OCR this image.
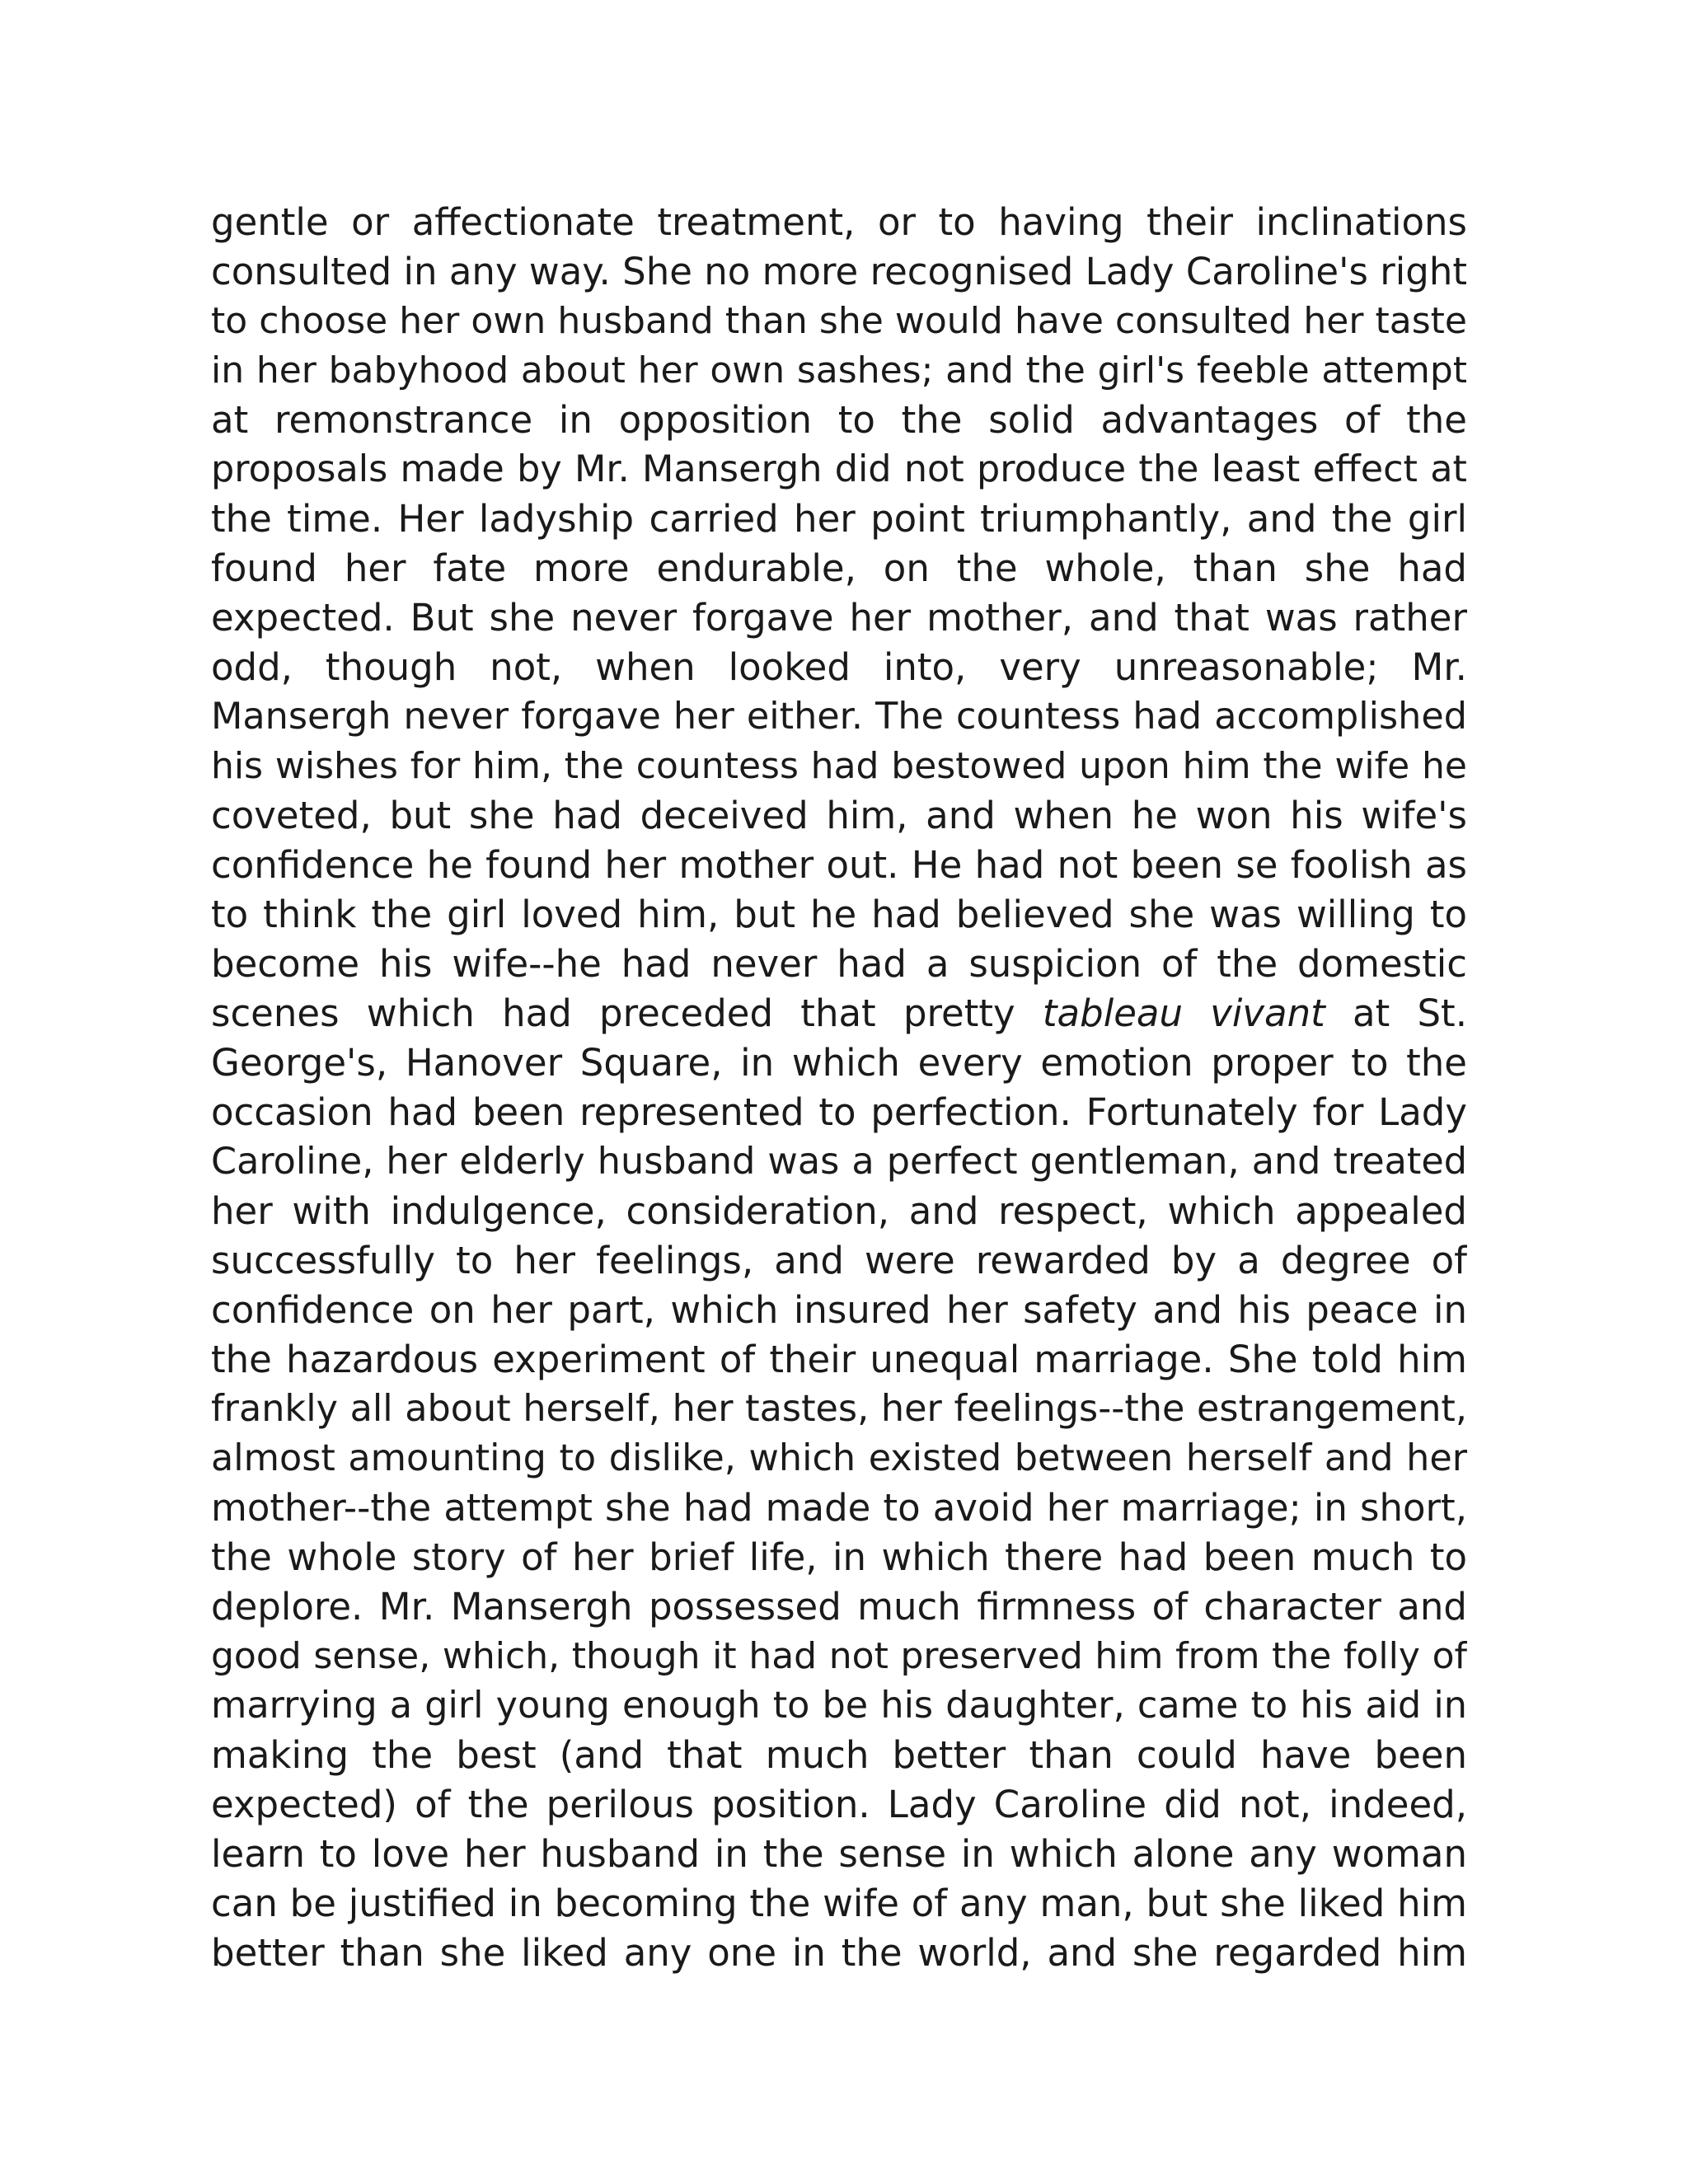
gentle or affectionate treatment, or to having their inclinations
consulted in any way. She no more recognised Lady Caroline's right
to choose her own husband than she would have consulted her taste
in her babyhood about her own sashes; and the girl's feeble attempt
at remonstrance in opposition to the solid advantages of the
proposals made by Mr. Mansergh did not produce the least effect at
the time. Her ladyship carried her point triumphantly, and the girl
found her fate more endurable, on the whole, than she had
expected. But she never forgave her mother, and that was rather
odd, though not, when looked into, very unreasonable; Mr.
Mansergh never forgave her either. The countess had accomplished
his wishes for him, the countess had bestowed upon him the wife he
coveted, but she had deceived him, and when he won his wife's
confidence he found her mother out. He had not been se foolish as
to think the girl loved him, but he had believed she was willing to
become his wife--he had never had a suspicion of the domestic
scenes which had preceded that pretty tableau vivant at St.
George's, Hanover Square, in which every emotion proper to the
occasion had been represented to perfection. Fortunately for Lady
Caroline, her elderly husband was a perfect gentleman, and treated
her with indulgence, consideration, and respect, which appealed
successfully to her feelings, and were rewarded by a degree of
confidence on her part, which insured her safety and his peace in
the hazardous experiment of their unequal marriage. She told him
frankly all about herself, her tastes, her feelings--the estrangement,
almost amounting to dislike, which existed between herself and her
mother--the attempt she had made to avoid her marriage; in short,
the whole story of her brief life, in which there had been much to
deplore. Mr. Mansergh possessed much firmness of character and
good sense, which, though it had not preserved him from the folly of
marrying a girl young enough to be his daughter, came to his aid in
making the best (and that much better than could have been
expected) of the perilous position. Lady Caroline did not, indeed,
learn to love her husband in the sense in which alone any woman
can be justified in becoming the wife of any man, but she liked him
better than she liked any one in the world, and she regarded him
